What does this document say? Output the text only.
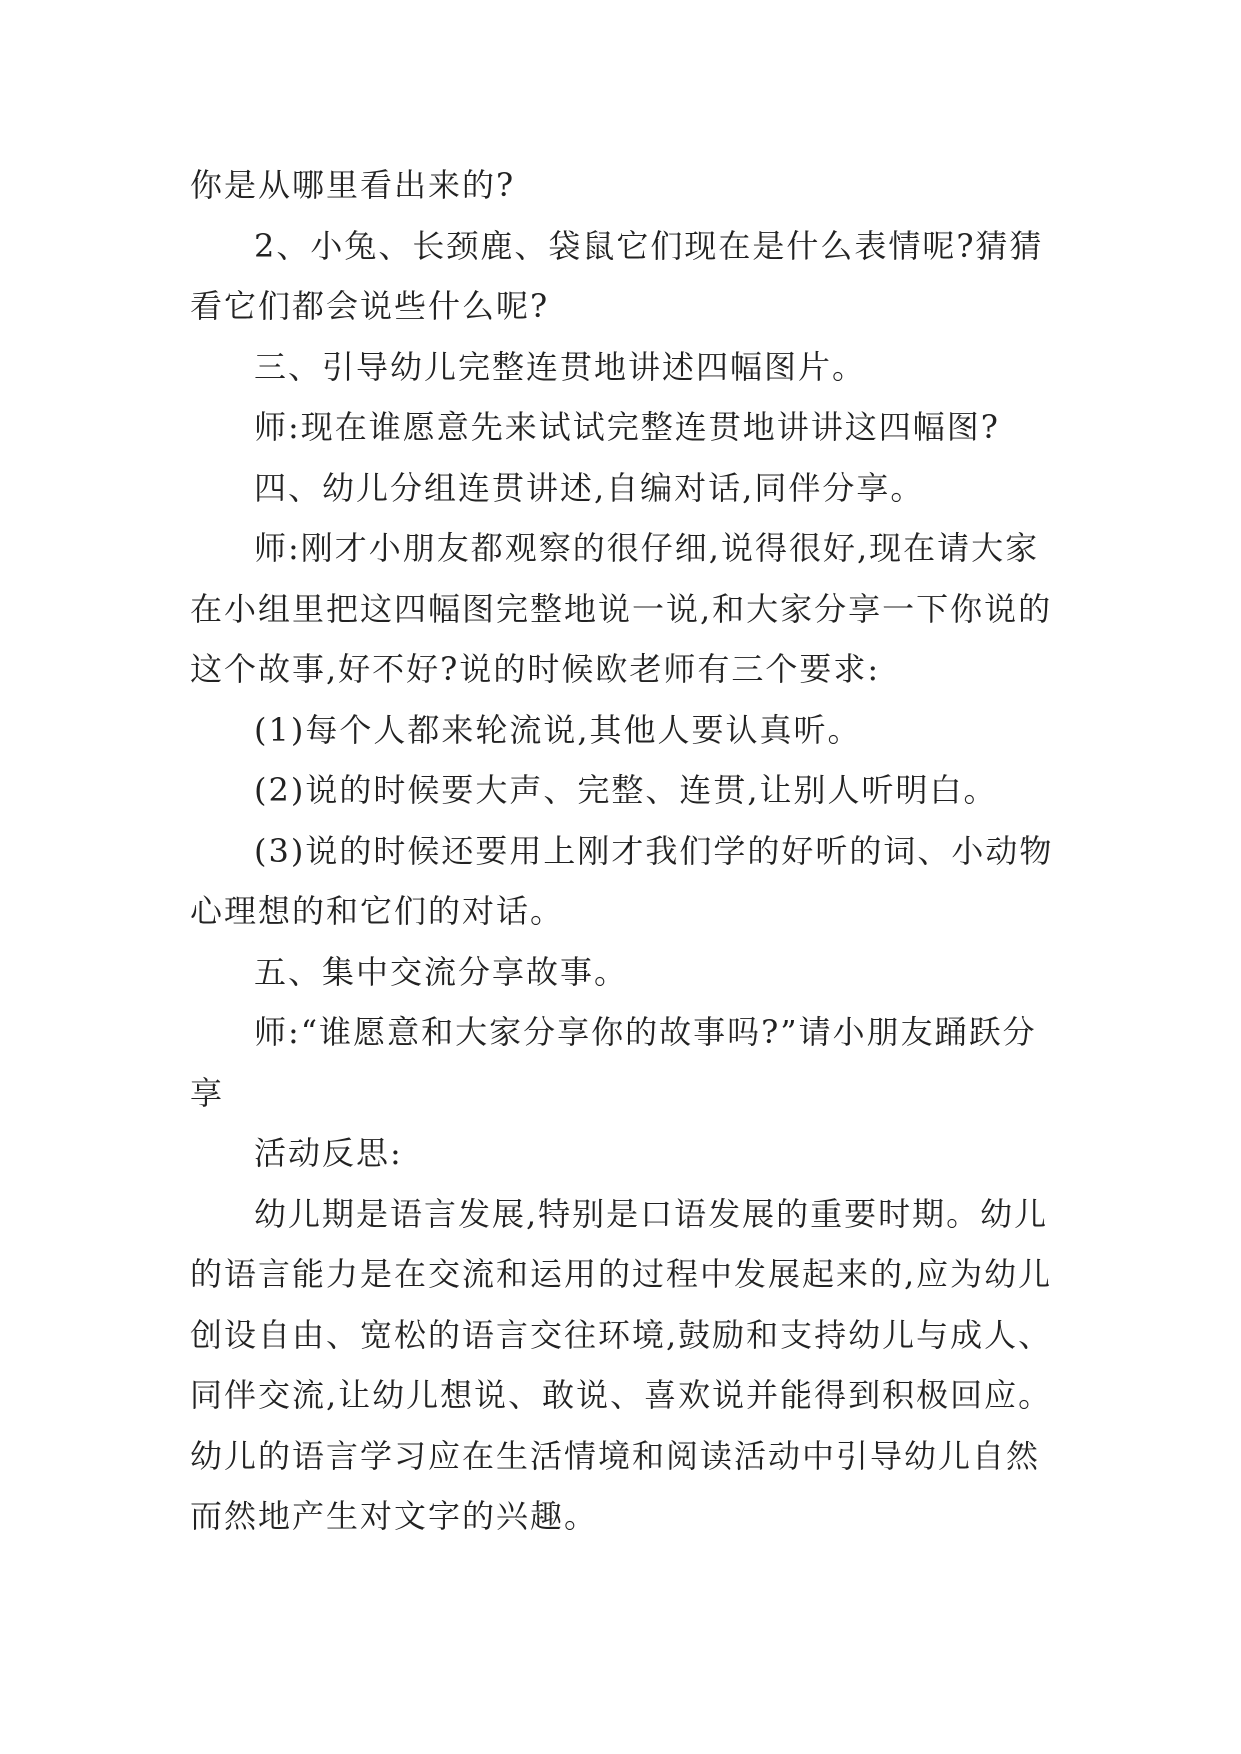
你是从哪里看出来的?

2、小兔、长颈鹿、袋鼠它们现在是什么表情呢?猜猜看它们都会说些什么呢?

三、引导幼儿完整连贯地讲述四幅图片。

师:现在谁愿意先来试试完整连贯地讲讲这四幅图?

四、幼儿分组连贯讲述,自编对话,同伴分享。

师:刚才小朋友都观察的很仔细,说得很好,现在请大家在小组里把这四幅图完整地说一说,和大家分享一下你说的这个故事,好不好?说的时候欧老师有三个要求:

(1)每个人都来轮流说,其他人要认真听。

(2)说的时候要大声、完整、连贯,让别人听明白。

(3)说的时候还要用上刚才我们学的好听的词、小动物心理想的和它们的对话。

五、集中交流分享故事。

师:“谁愿意和大家分享你的故事吗?”请小朋友踊跃分享

活动反思:

幼儿期是语言发展,特别是口语发展的重要时期。幼儿的语言能力是在交流和运用的过程中发展起来的,应为幼儿创设自由、宽松的语言交往环境,鼓励和支持幼儿与成人、同伴交流,让幼儿想说、敢说、喜欢说并能得到积极回应。幼儿的语言学习应在生活情境和阅读活动中引导幼儿自然而然地产生对文字的兴趣。
